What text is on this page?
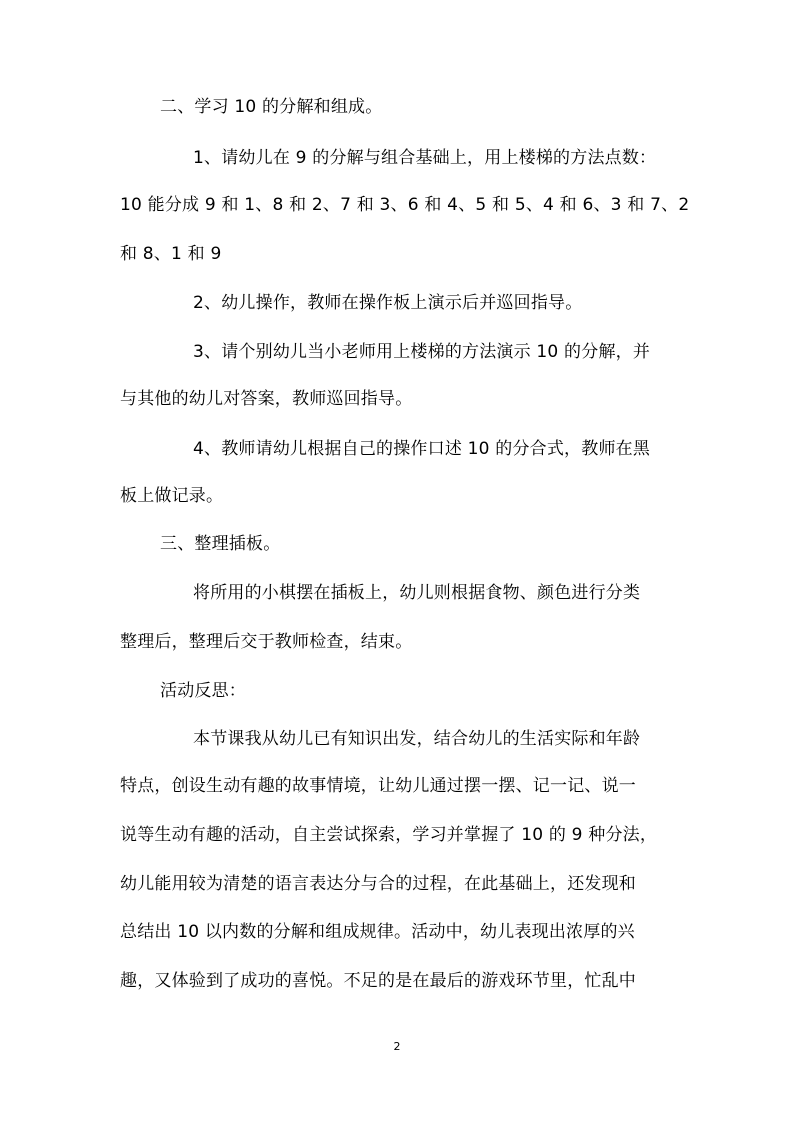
二、学习 10 的分解和组成。
1、请幼儿在 9 的分解与组合基础上，用上楼梯的方法点数：
10 能分成 9 和 1、8 和 2、7 和 3、6 和 4、5 和 5、4 和 6、3 和 7、2
和 8、1 和 9
2、幼儿操作，教师在操作板上演示后并巡回指导。
3、请个别幼儿当小老师用上楼梯的方法演示 10 的分解，并
与其他的幼儿对答案，教师巡回指导。
4、教师请幼儿根据自己的操作口述 10 的分合式，教师在黑
板上做记录。
三、整理插板。
将所用的小棋摆在插板上，幼儿则根据食物、颜色进行分类
整理后，整理后交于教师检查，结束。
活动反思：
本节课我从幼儿已有知识出发，结合幼儿的生活实际和年龄
特点，创设生动有趣的故事情境，让幼儿通过摆一摆、记一记、说一
说等生动有趣的活动，自主尝试探索，学习并掌握了 10 的 9 种分法，
幼儿能用较为清楚的语言表达分与合的过程，在此基础上，还发现和
总结出 10 以内数的分解和组成规律。活动中，幼儿表现出浓厚的兴
趣，又体验到了成功的喜悦。不足的是在最后的游戏环节里，忙乱中
2
